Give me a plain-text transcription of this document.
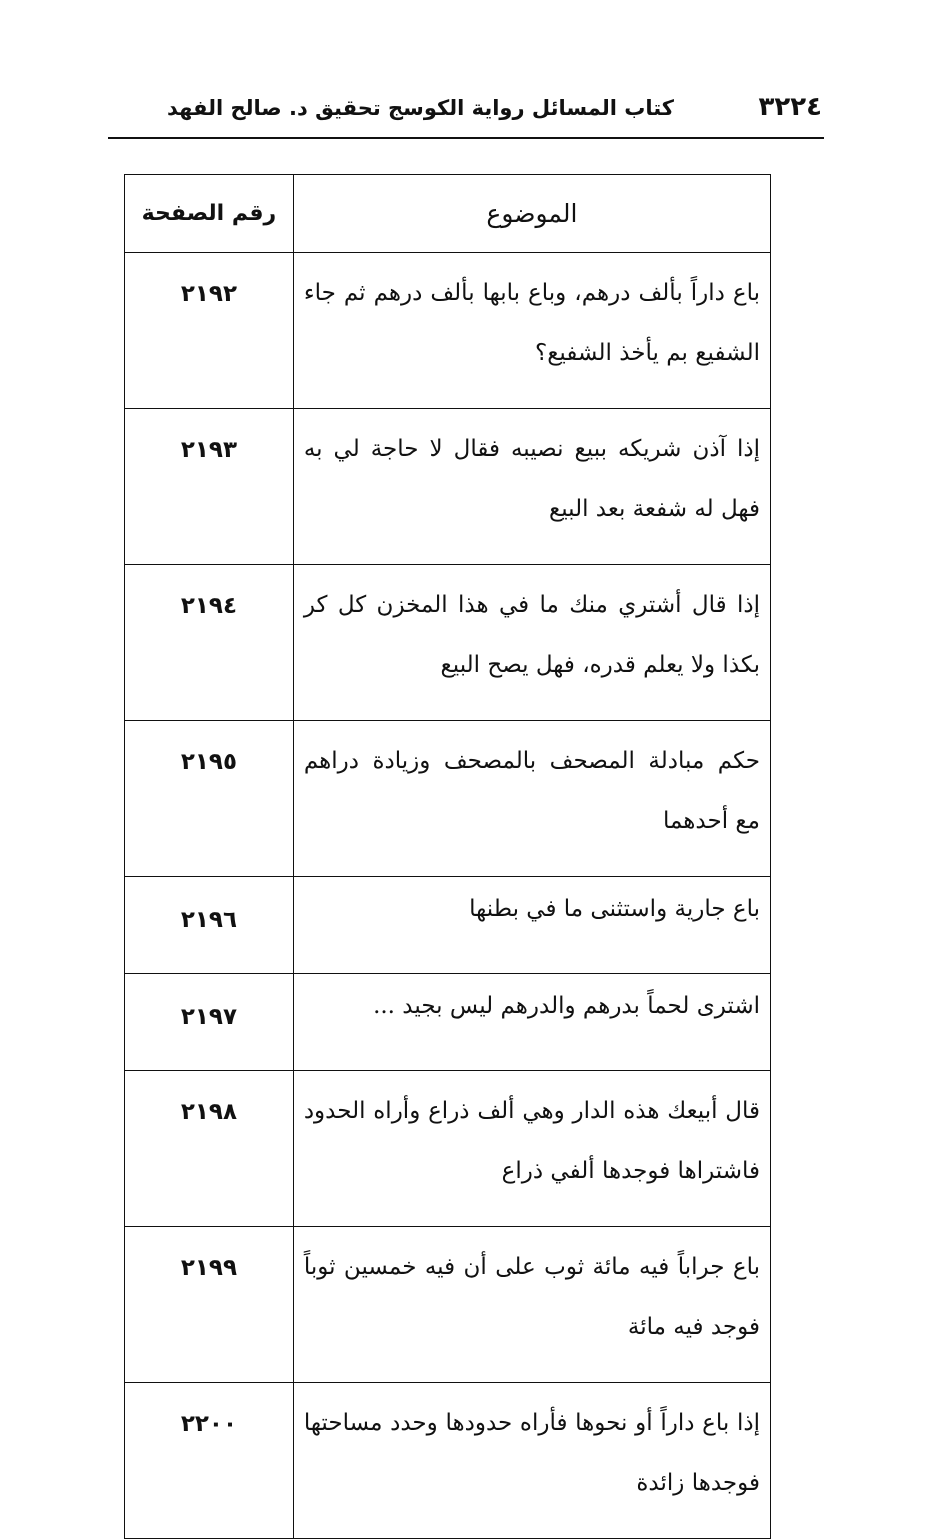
٣٢٢٤
كتاب المسائل رواية الكوسج تحقيق د. صالح الفهد
الموضوع	رقم الصفحة
باع داراً بألف درهم، وباع بابها بألف درهم ثم جاء الشفيع بم يأخذ الشفيع؟	٢١٩٢
إذا آذن شريكه ببيع نصيبه فقال لا حاجة لي به فهل له شفعة بعد البيع	٢١٩٣
إذا قال أشتري منك ما في هذا المخزن كل كر بكذا ولا يعلم قدره، فهل يصح البيع	٢١٩٤
حكم مبادلة المصحف بالمصحف وزيادة دراهم مع أحدهما	٢١٩٥
باع جارية واستثنى ما في بطنها	٢١٩٦
اشترى لحماً بدرهم والدرهم ليس بجيد ...	٢١٩٧
قال أبيعك هذه الدار وهي ألف ذراع وأراه الحدود فاشتراها فوجدها ألفي ذراع	٢١٩٨
باع جراباً فيه مائة ثوب على أن فيه خمسين ثوباً فوجد فيه مائة	٢١٩٩
إذا باع داراً أو نحوها فأراه حدودها وحدد مساحتها فوجدها زائدة	٢٢٠٠
